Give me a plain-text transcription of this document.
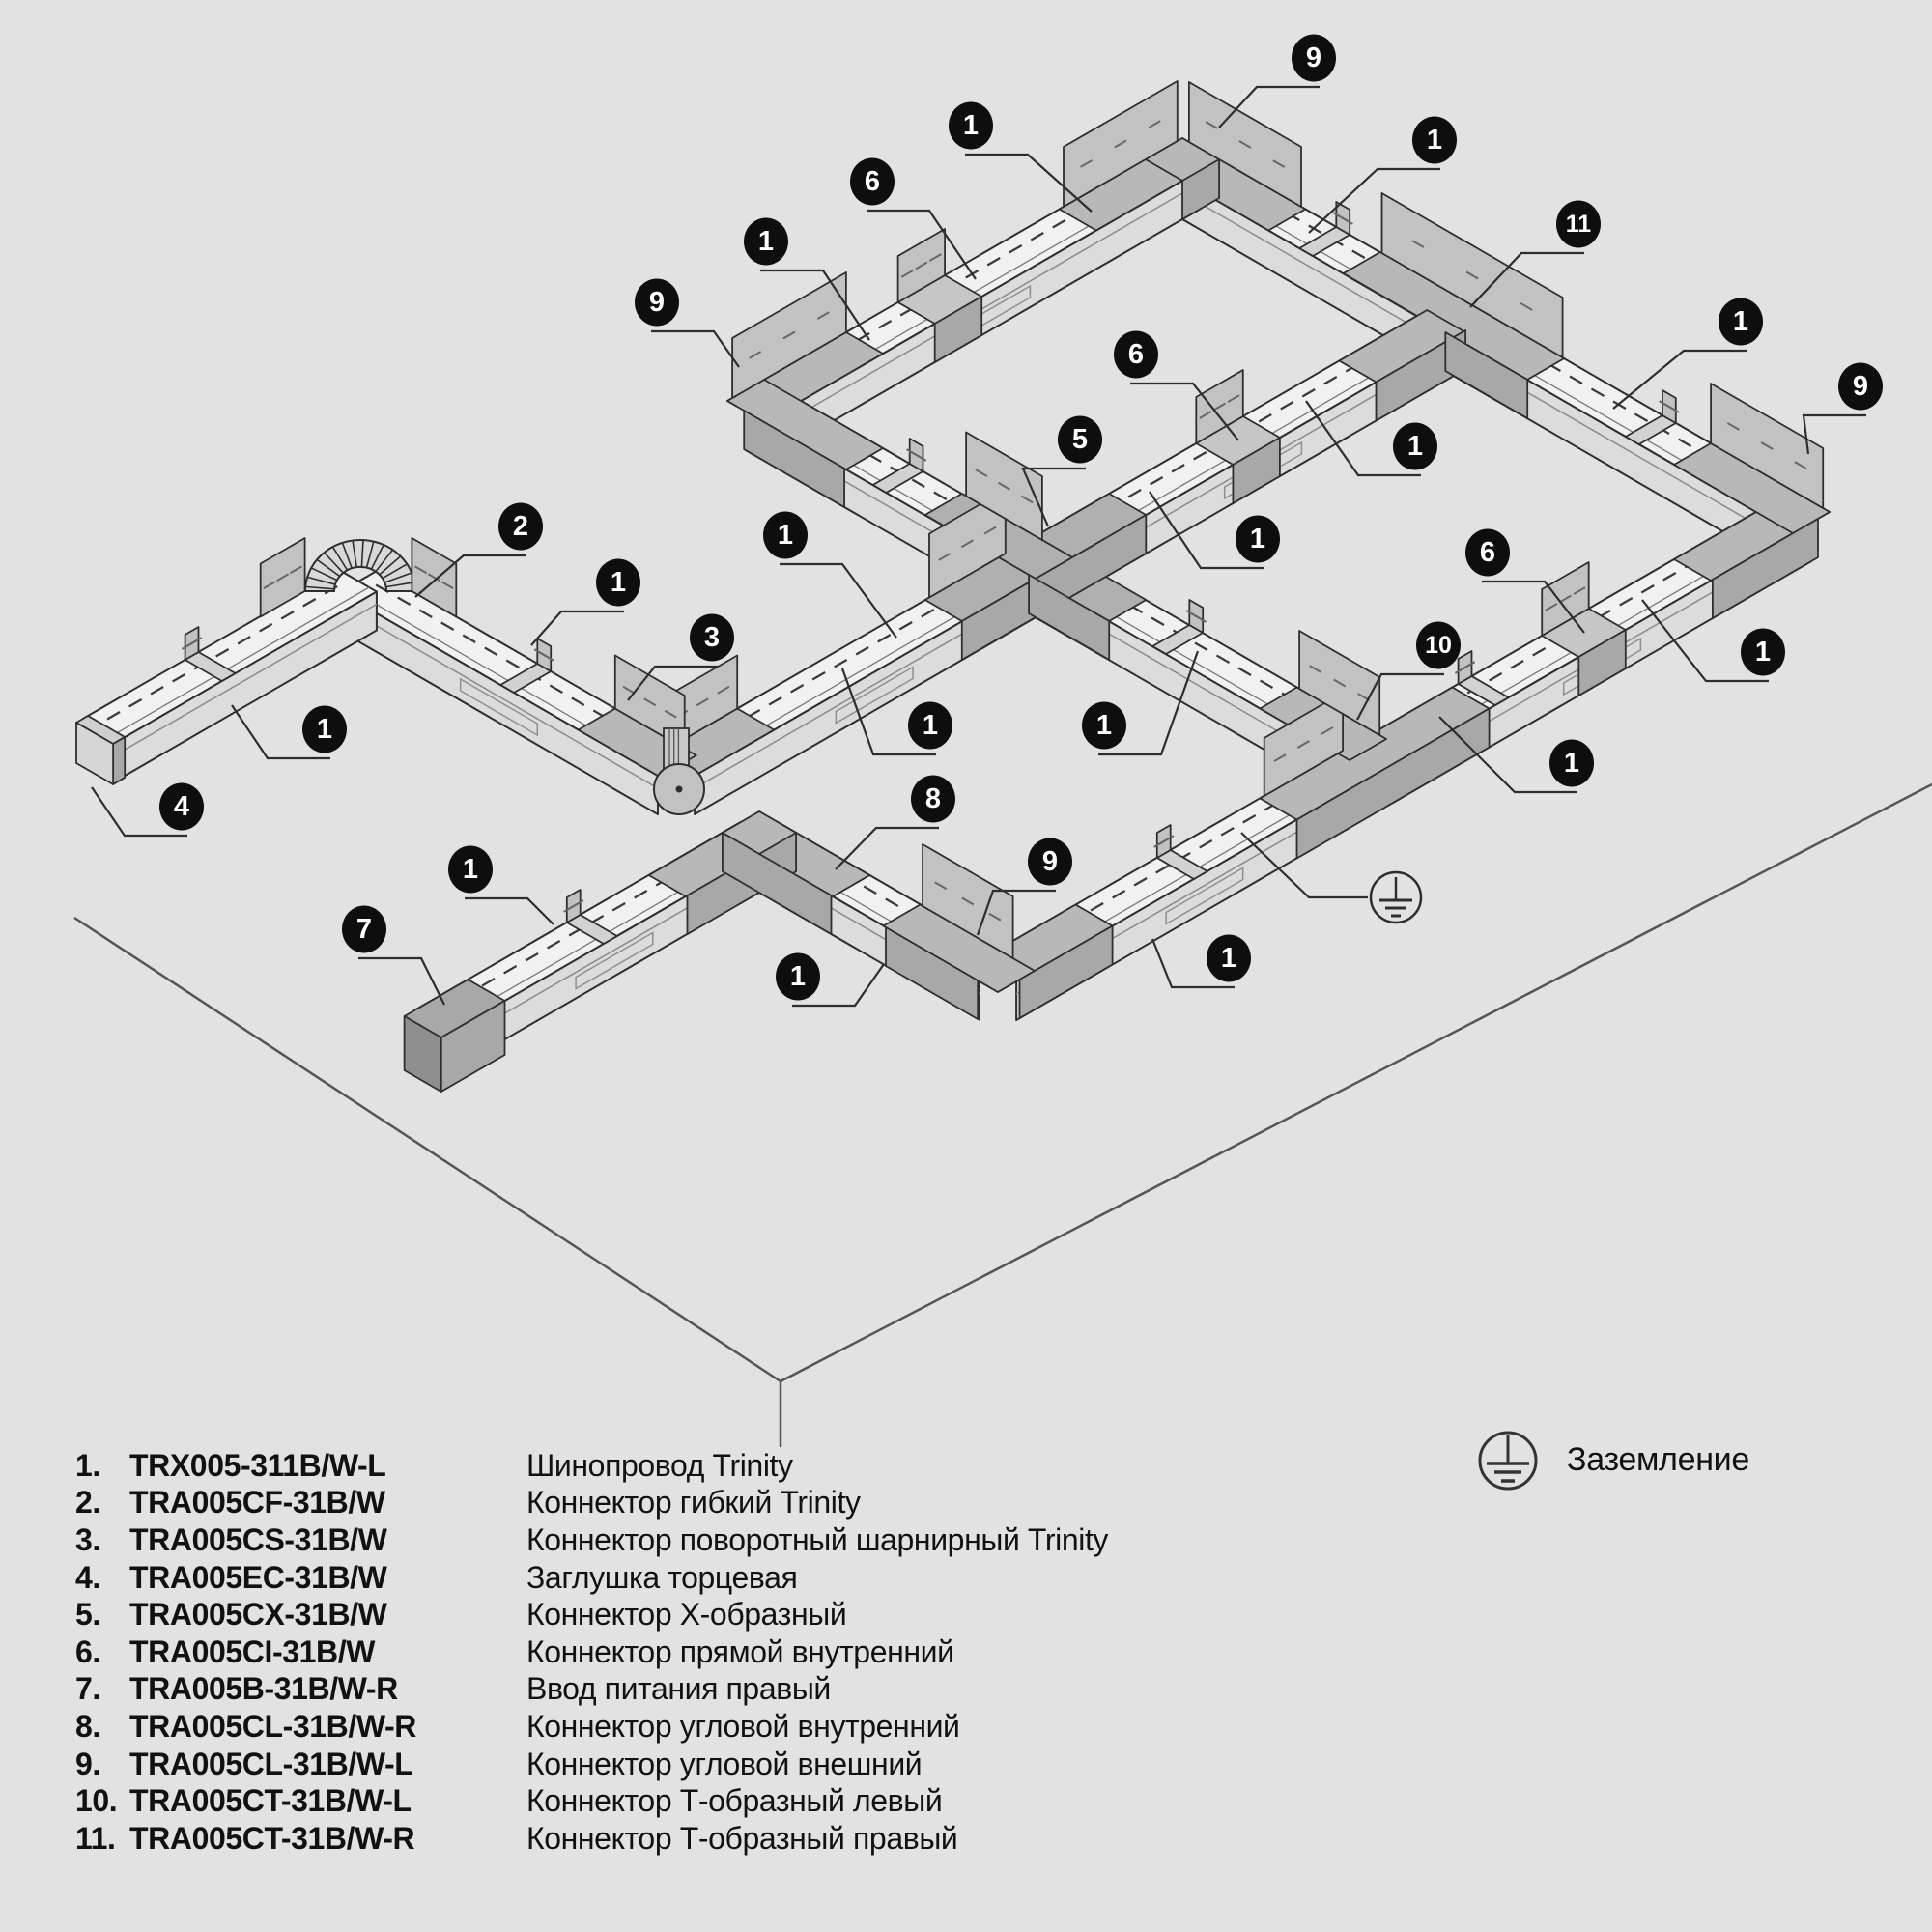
9
1	1
6
11
1
9
1
6
9
5	1
2	1	1	6
1
3	10	1
1	1
1
1
4	8
1	9
7
1
1
1. TRX005-311B/W-L	Шинопровод Trinity
2. TRA005CF-31B/W	Коннектор гибкий Trinity
3. TRA005CS-31B/W	Коннектор поворотный шарнирный Trinity
4. TRA005EC-31B/W	Заглушка торцевая
5. TRA005CX-31B/W	Коннектор Х-образный
6. TRA005CI-31B/W	Коннектор прямой внутренний
7. TRA005B-31B/W-R	Ввод питания правый
8. TRA005CL-31B/W-R	Коннектор угловой внутренний
9. TRA005CL-31B/W-L	Коннектор угловой внешний
10. TRA005CT-31B/W-L	Коннектор Т-образный левый
11. TRA005CT-31B/W-R	Коннектор Т-образный правый
Заземление
